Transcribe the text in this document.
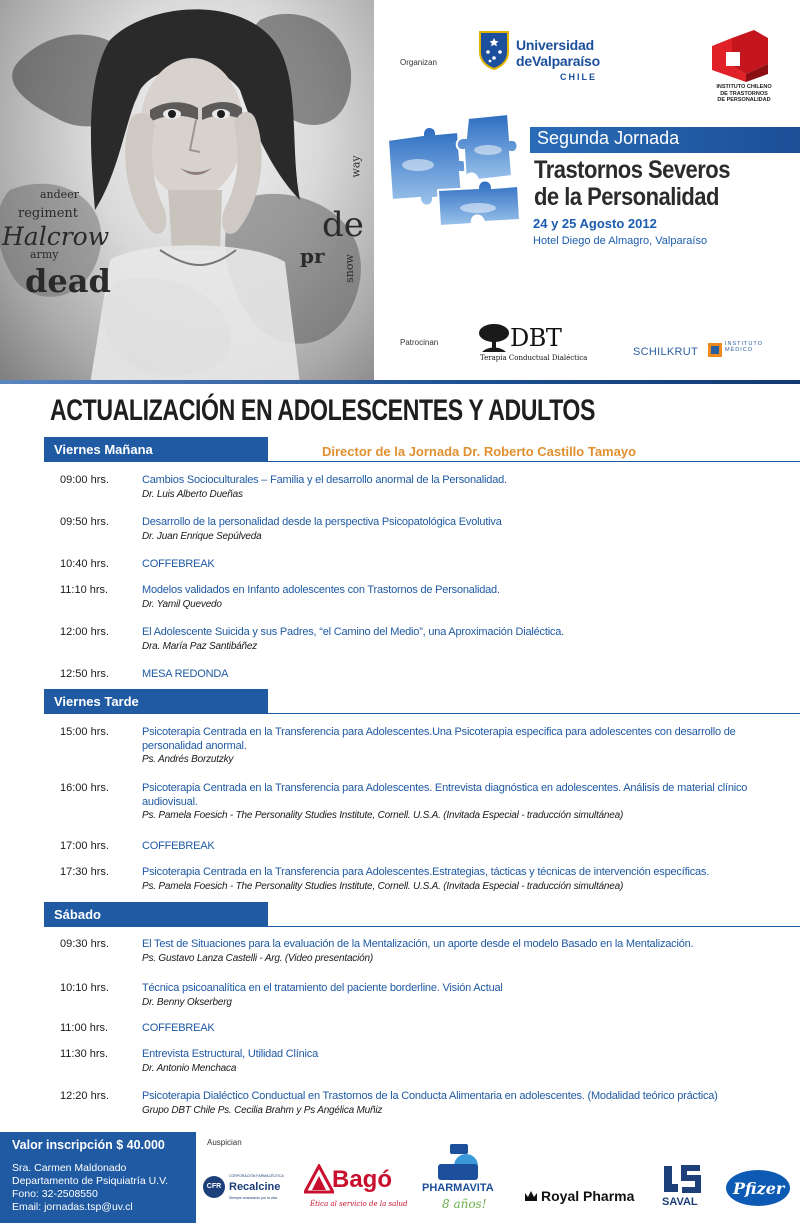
andeer
regiment
Halcrow
army
dead
de
pr
way
snow
Organizan
Universidad
deValparaíso
CHILE
INSTITUTO CHILENO
DE TRASTORNOS
DE PERSONALIDAD
Segunda Jornada
Trastornos Severos
de la Personalidad
24 y 25 Agosto 2012
Hotel Diego de Almagro, Valparaíso
Patrocinan	DBT
Terapia Conductual Dialéctica	SCHILKRUT
INSTITUTO
MÉDICO
ACTUALIZACIÓN EN ADOLESCENTES Y ADULTOS
Director de la Jornada Dr. Roberto Castillo Tamayo
Viernes Mañana
09:00 hrs.	Cambios Socioculturales – Familia y el desarrollo anormal de la Personalidad.
Dr. Luis Alberto Dueñas
09:50 hrs.	Desarrollo de la personalidad desde la perspectiva Psicopatológica Evolutiva
Dr. Juan Enrique Sepúlveda
10:40 hrs.	COFFEBREAK
11:10 hrs.	Modelos validados en Infanto adolescentes con Trastornos de Personalidad.
Dr. Yamil Quevedo
12:00 hrs.	El Adolescente Suicida y sus Padres, “el Camino del Medio”, una Aproximación Dialéctica.
Dra. María Paz Santibáñez
12:50 hrs.	MESA REDONDA
Viernes Tarde
15:00 hrs.	Psicoterapia Centrada en la Transferencia para Adolescentes.Una Psicoterapia especifica para adolescentes con desarrollo de personalidad anormal.
Ps. Andrés Borzutzky
16:00 hrs.	Psicoterapia Centrada en la Transferencia para Adolescentes. Entrevista diagnóstica en adolescentes. Análisis de material clínico audiovisual.
Ps. Pamela Foesich - The Personality Studies Institute, Cornell. U.S.A. (Invitada Especial - traducción simultánea)
17:00 hrs.	COFFEBREAK
17:30 hrs.	Psicoterapia Centrada en la Transferencia para Adolescentes.Estrategias, tácticas y técnicas de intervención específicas.
Ps. Pamela Foesich - The Personality Studies Institute, Cornell. U.S.A. (Invitada Especial - traducción simultánea)
Sábado
09:30 hrs.	El Test de Situaciones para la evaluación de la Mentalización, un aporte desde el modelo Basado en la Mentalización.
Ps. Gustavo Lanza Castelli - Arg. (Video presentación)
10:10 hrs.	Técnica psicoanalítica en el tratamiento del paciente borderline. Visión Actual
Dr. Benny Okserberg
11:00 hrs.	COFFEBREAK
11:30 hrs.	Entrevista Estructural, Utilidad Clínica
Dr. Antonio Menchaca
12:20 hrs.	Psicoterapia Dialéctico Conductual en Trastornos de la Conducta Alimentaria en adolescentes. (Modalidad teórico práctica)
Grupo DBT Chile Ps. Cecilia Brahm y Ps Angélica Muñiz
Valor inscripción $ 40.000
Sra. Carmen Maldonado
Departamento de Psiquiatría U.V.
Fono: 32-2508550
Email: jornadas.tsp@uv.cl
Auspician
CFR
CORPORACIÓN FARMACÉUTICA
Recalcine
Siempre avanzando por la vida
Bagó
Ética al servicio de la salud
PHARMAVITA
8 años!	Royal Pharma	SAVAL
Pfizer
